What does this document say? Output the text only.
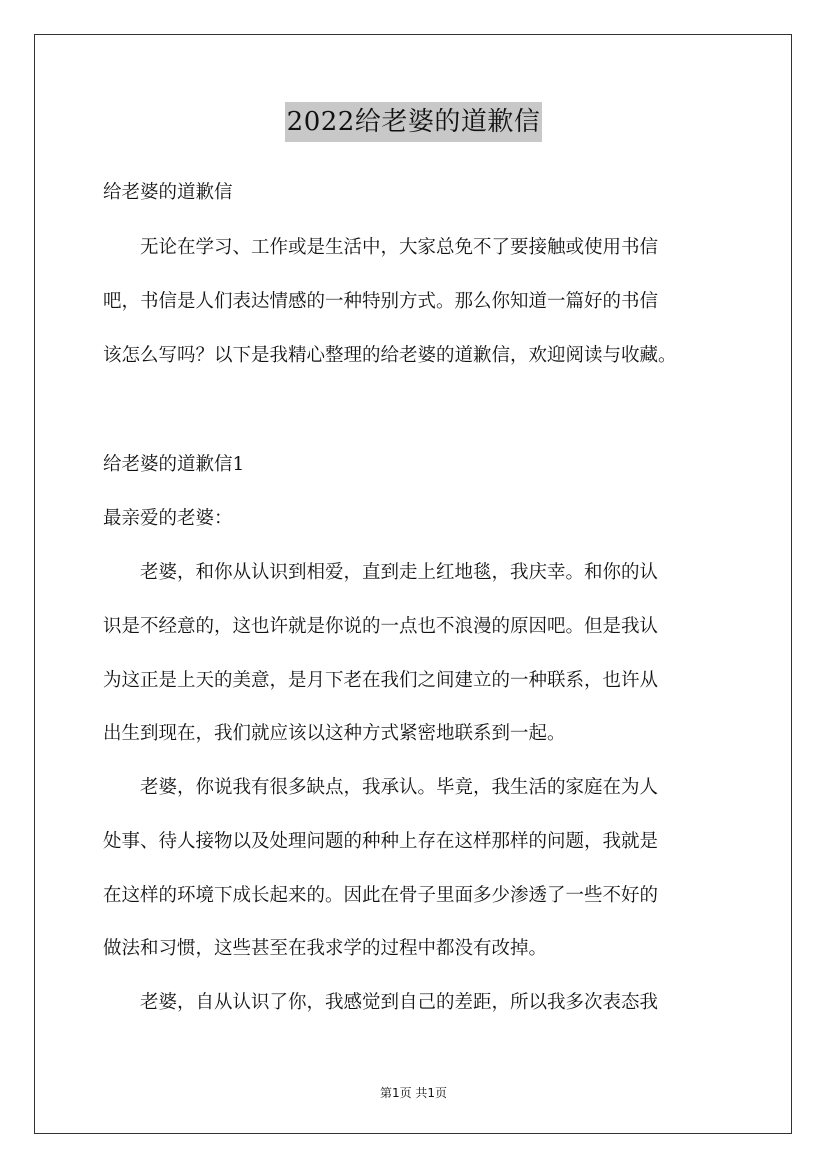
2022给老婆的道歉信
给老婆的道歉信
无论在学习、工作或是生活中，大家总免不了要接触或使用书信
吧，书信是人们表达情感的一种特别方式。那么你知道一篇好的书信
该怎么写吗？以下是我精心整理的给老婆的道歉信，欢迎阅读与收藏。
给老婆的道歉信1
最亲爱的老婆：
老婆，和你从认识到相爱，直到走上红地毯，我庆幸。和你的认
识是不经意的，这也许就是你说的一点也不浪漫的原因吧。但是我认
为这正是上天的美意，是月下老在我们之间建立的一种联系，也许从
出生到现在，我们就应该以这种方式紧密地联系到一起。
老婆，你说我有很多缺点，我承认。毕竟，我生活的家庭在为人
处事、待人接物以及处理问题的种种上存在这样那样的问题，我就是
在这样的环境下成长起来的。因此在骨子里面多少渗透了一些不好的
做法和习惯，这些甚至在我求学的过程中都没有改掉。
老婆，自从认识了你，我感觉到自己的差距，所以我多次表态我
第1页 共1页
